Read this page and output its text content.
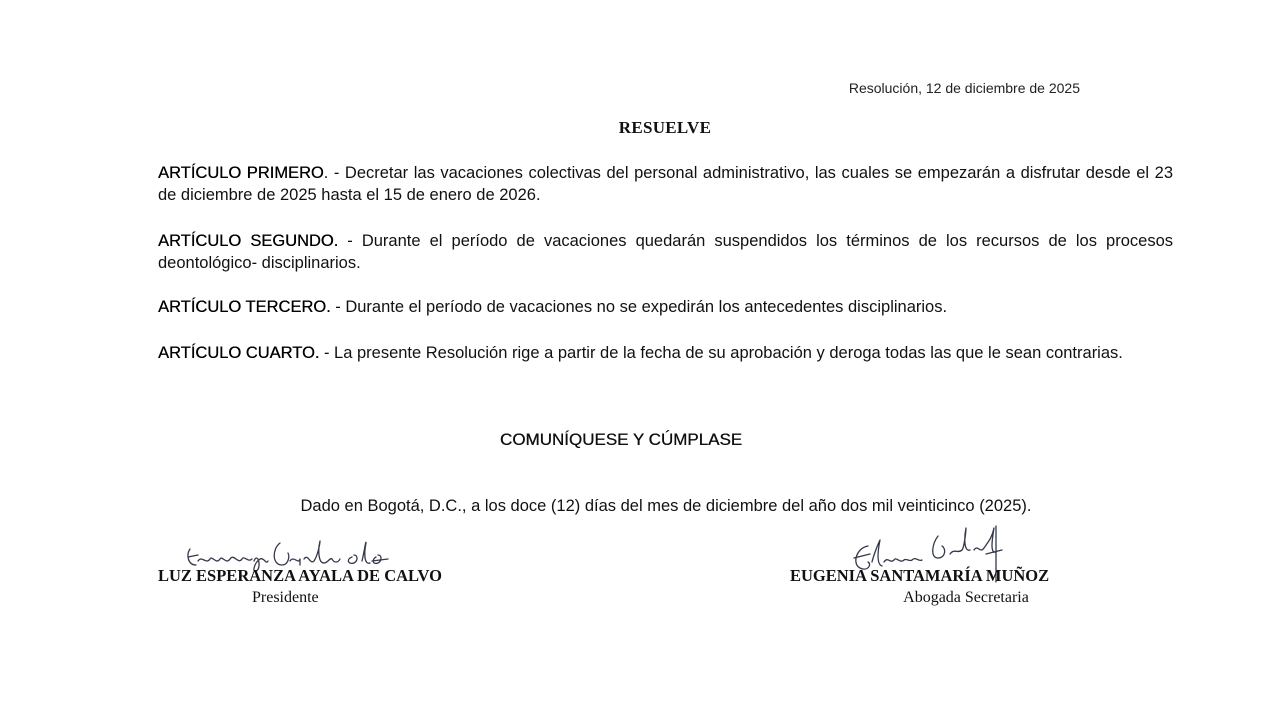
Resolución, 12 de diciembre de 2025
RESUELVE
ARTÍCULO PRIMERO. - Decretar las vacaciones colectivas del personal administrativo, las cuales se empezarán a disfrutar desde el 23 de diciembre de 2025 hasta el 15 de enero de 2026.
ARTÍCULO SEGUNDO. - Durante el período de vacaciones quedarán suspendidos los términos de los recursos de los procesos deontológico- disciplinarios.
ARTÍCULO TERCERO. - Durante el período de vacaciones no se expedirán los antecedentes disciplinarios.
ARTÍCULO CUARTO. - La presente Resolución rige a partir de la fecha de su aprobación y deroga todas las que le sean contrarias.
COMUNÍQUESE Y CÚMPLASE
Dado en Bogotá, D.C., a los doce (12) días del mes de diciembre del año dos mil veinticinco (2025).
LUZ ESPERANZA AYALA DE CALVO
Presidente
EUGENIA SANTAMARÍA MUÑOZ
Abogada Secretaria
